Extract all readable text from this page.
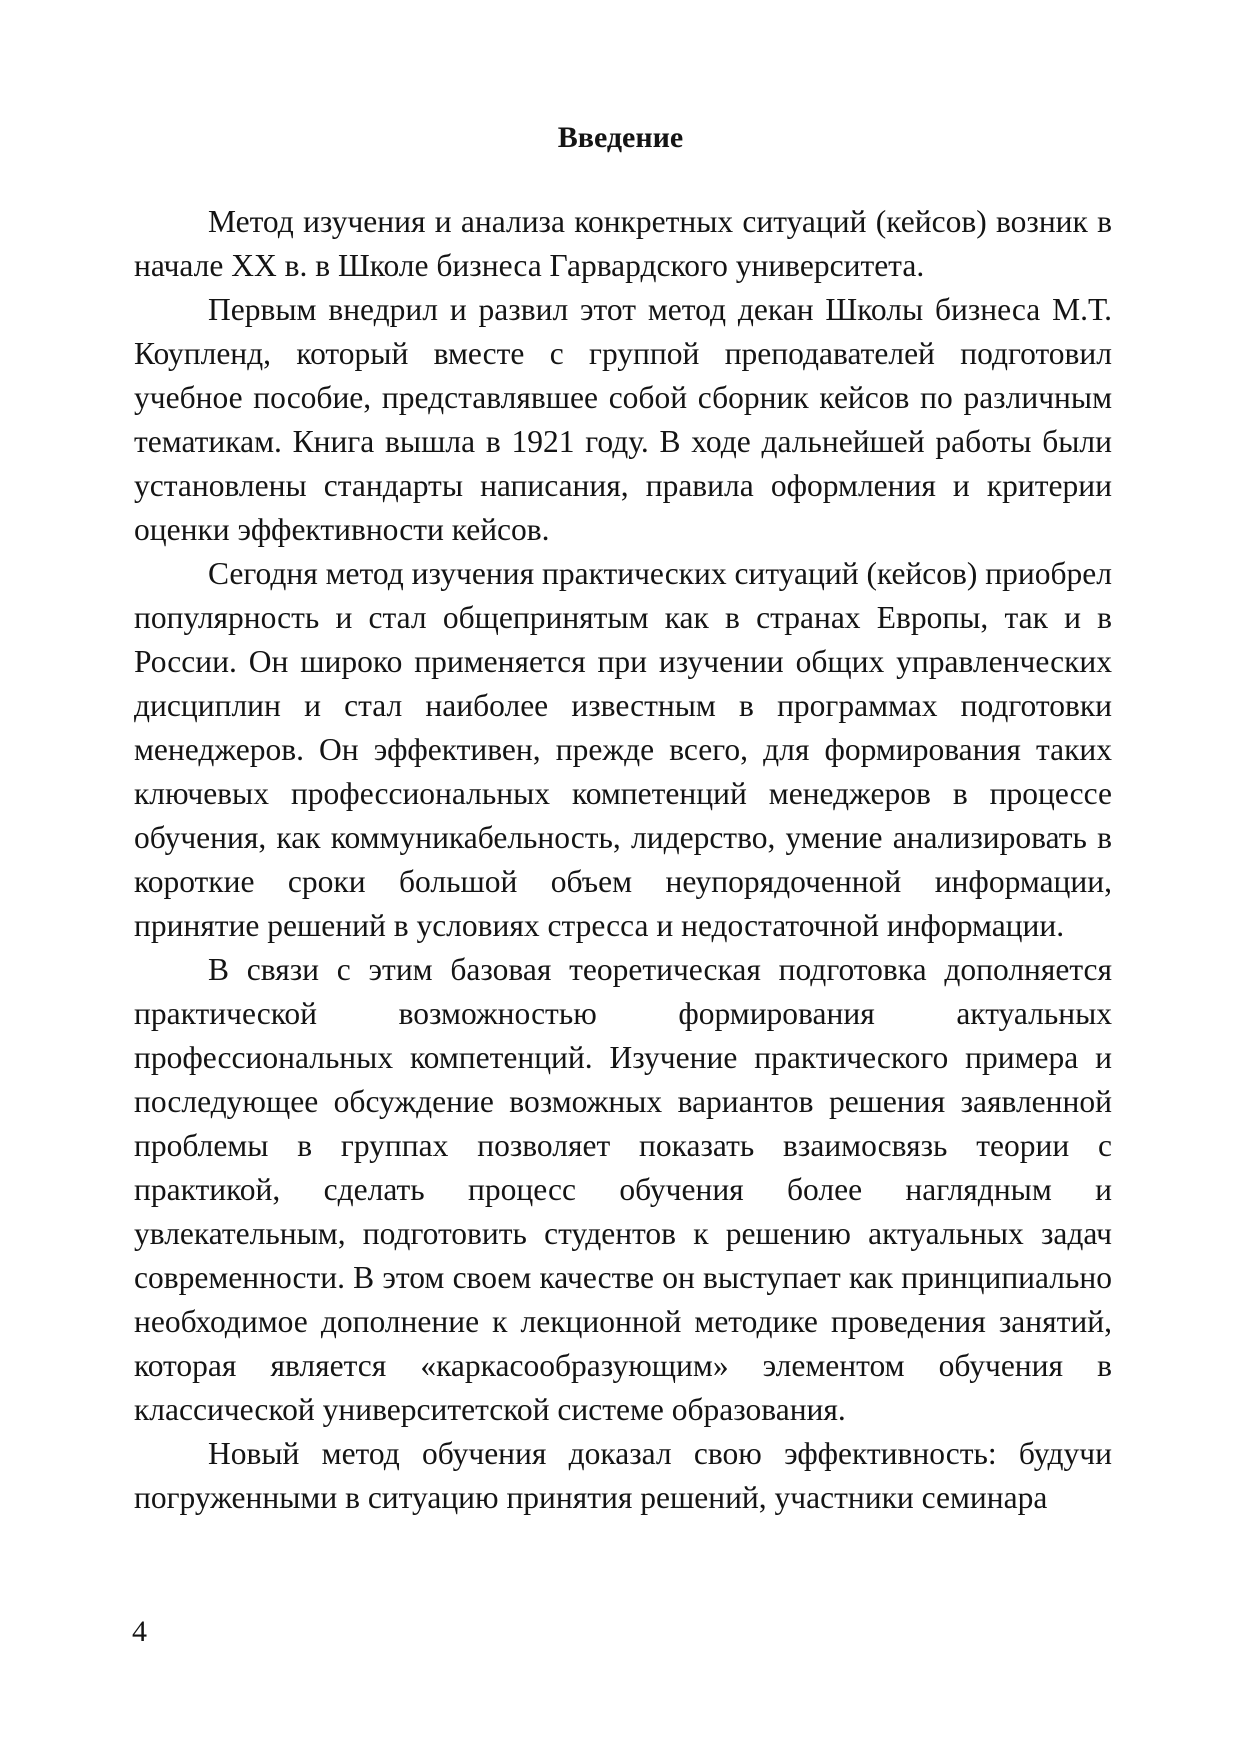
Введение

Метод изучения и анализа конкретных ситуаций (кейсов) возник в начале XX в. в Школе бизнеса Гарвардского университета.

Первым внедрил и развил этот метод декан Школы бизнеса М.Т. Коупленд, который вместе с группой преподавателей подготовил учебное пособие, представлявшее собой сборник кейсов по различным тематикам. Книга вышла в 1921 году. В ходе дальнейшей работы были установлены стандарты написания, правила оформления и критерии оценки эффективности кейсов.

Сегодня метод изучения практических ситуаций (кейсов) приобрел популярность и стал общепринятым как в странах Европы, так и в России. Он широко применяется при изучении общих управленческих дисциплин и стал наиболее известным в программах подготовки менеджеров. Он эффективен, прежде всего, для формирования таких ключевых профессиональных компетенций менеджеров в процессе обучения, как коммуникабельность, лидерство, умение анализировать в короткие сроки большой объем неупорядоченной информации, принятие решений в условиях стресса и недостаточной информации.

В связи с этим базовая теоретическая подготовка дополняется практической возможностью формирования актуальных профессиональных компетенций. Изучение практического примера и последующее обсуждение возможных вариантов решения заявленной проблемы в группах позволяет показать взаимосвязь теории с практикой, сделать процесс обучения более наглядным и увлекательным, подготовить студентов к решению актуальных задач современности. В этом своем качестве он выступает как принципиально необходимое дополнение к лекционной методике проведения занятий, которая является «каркасообразующим» элементом обучения в классической университетской системе образования.

Новый метод обучения доказал свою эффективность: будучи погруженными в ситуацию принятия решений, участники семинара

4
